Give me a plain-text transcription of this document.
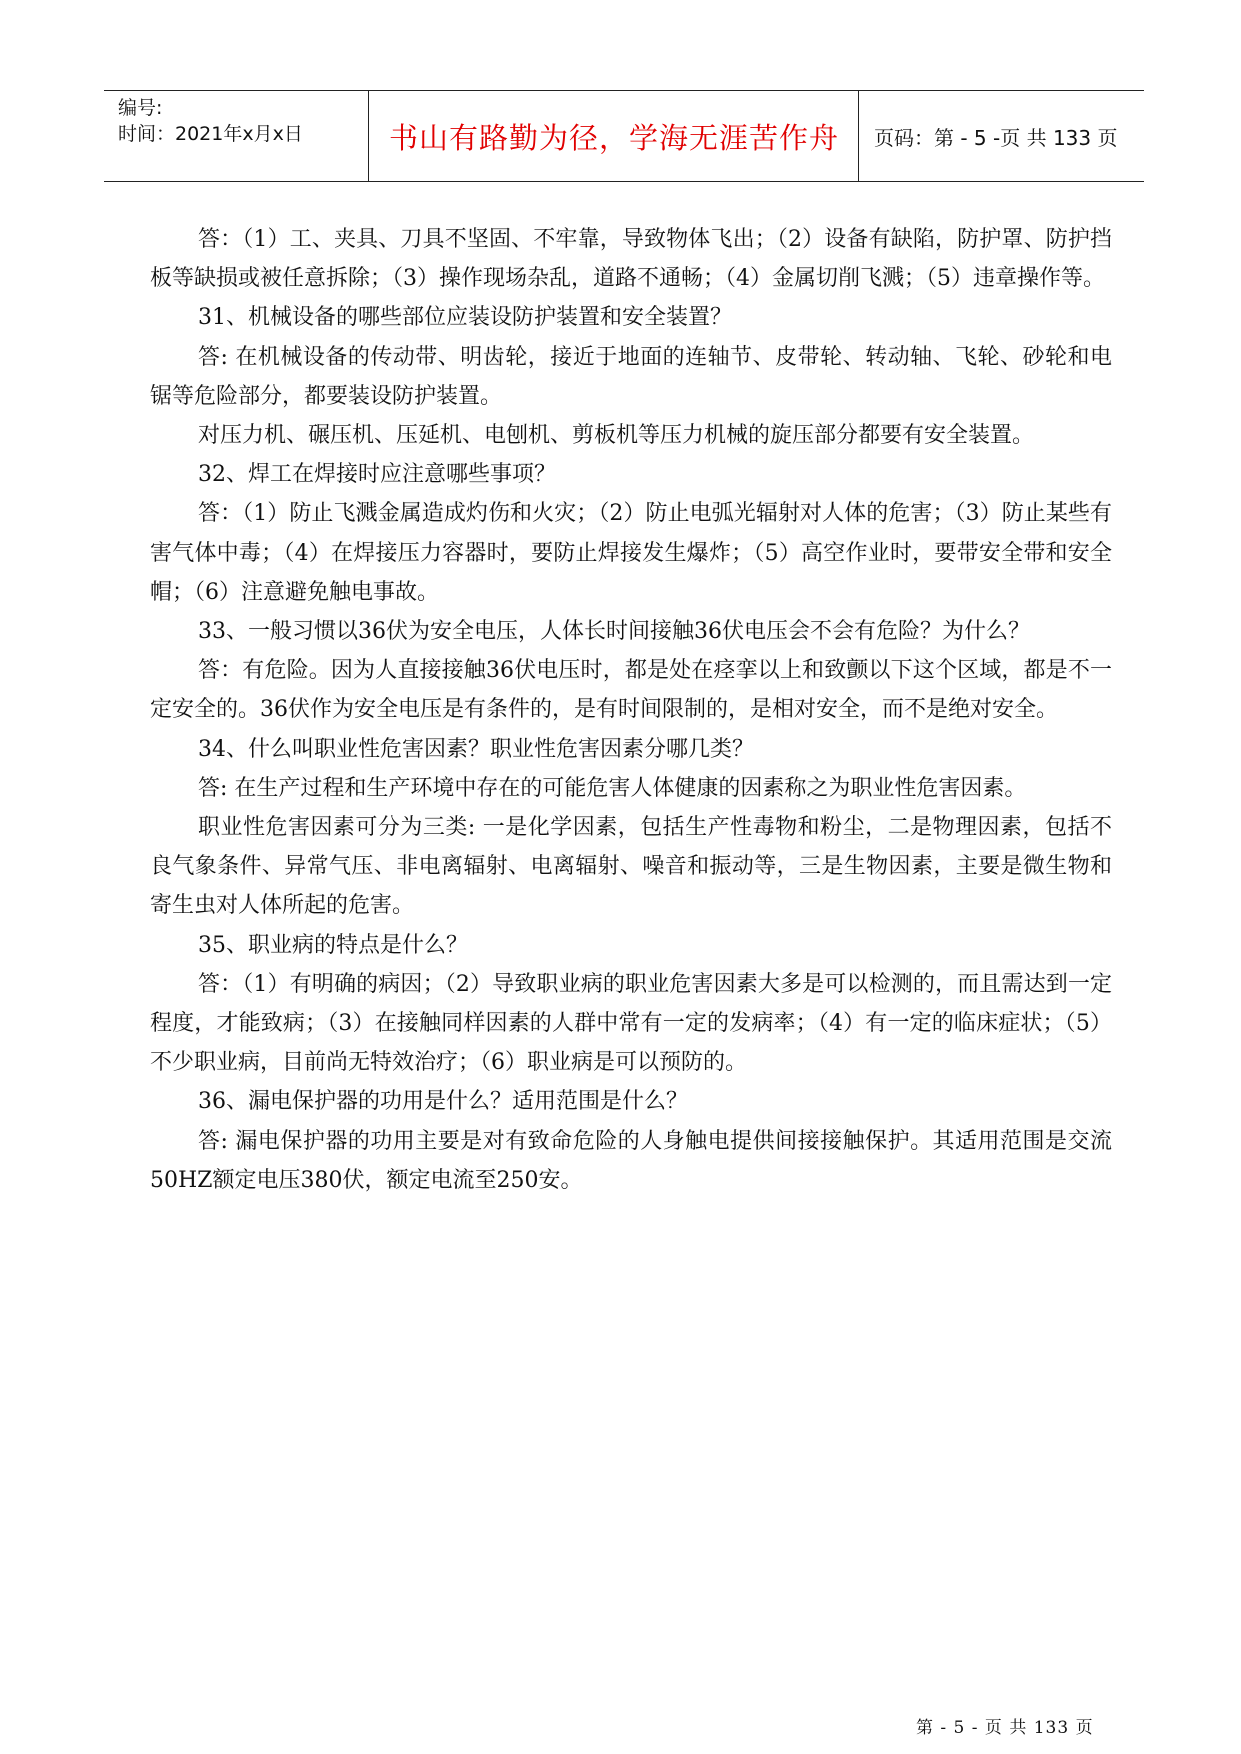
编号:
时间：2021年x月x日	书山有路勤为径，学海无涯苦作舟	页码：第 - 5 -页 共 133 页

答：（1）工、夹具、刀具不坚固、不牢靠，导致物体飞出；（2）设备有缺陷，防护罩、防护挡板等缺损或被任意拆除；（3）操作现场杂乱，道路不通畅；（4）金属切削飞溅；（5）违章操作等。

31、机械设备的哪些部位应装设防护装置和安全装置？

答: 在机械设备的传动带、明齿轮，接近于地面的连轴节、皮带轮、转动轴、飞轮、砂轮和电锯等危险部分，都要装设防护装置。

对压力机、碾压机、压延机、电刨机、剪板机等压力机械的旋压部分都要有安全装置。

32、焊工在焊接时应注意哪些事项？

答：（1）防止飞溅金属造成灼伤和火灾；（2）防止电弧光辐射对人体的危害；（3）防止某些有害气体中毒；（4）在焊接压力容器时，要防止焊接发生爆炸；（5）高空作业时，要带安全带和安全帽；（6）注意避免触电事故。

33、一般习惯以36伏为安全电压，人体长时间接触36伏电压会不会有危险？为什么？

答：有危险。因为人直接接触36伏电压时，都是处在痉挛以上和致颤以下这个区域，都是不一定安全的。36伏作为安全电压是有条件的，是有时间限制的，是相对安全，而不是绝对安全。

34、什么叫职业性危害因素？职业性危害因素分哪几类？

答: 在生产过程和生产环境中存在的可能危害人体健康的因素称之为职业性危害因素。

职业性危害因素可分为三类: 一是化学因素，包括生产性毒物和粉尘，二是物理因素，包括不良气象条件、异常气压、非电离辐射、电离辐射、噪音和振动等，三是生物因素，主要是微生物和寄生虫对人体所起的危害。

35、职业病的特点是什么？

答：（1）有明确的病因；（2）导致职业病的职业危害因素大多是可以检测的，而且需达到一定程度，才能致病；（3）在接触同样因素的人群中常有一定的发病率；（4）有一定的临床症状；（5）不少职业病，目前尚无特效治疗；（6）职业病是可以预防的。

36、漏电保护器的功用是什么？适用范围是什么？

答: 漏电保护器的功用主要是对有致命危险的人身触电提供间接接触保护。其适用范围是交流50HZ额定电压380伏，额定电流至250安。

第 - 5 - 页 共 133 页
